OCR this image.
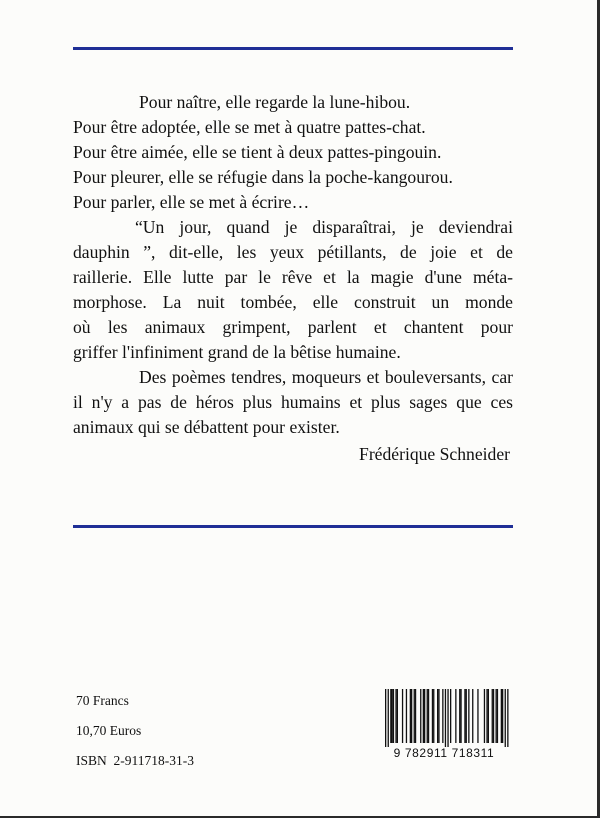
Pour naître, elle regarde la lune-hibou.
Pour être adoptée, elle se met à quatre pattes-chat.
Pour être aimée, elle se tient à deux pattes-pingouin.
Pour pleurer, elle se réfugie dans la poche-kangourou.
Pour parler, elle se met à écrire…

“Un jour, quand je disparaîtrai, je deviendrai
dauphin ”, dit-elle, les yeux pétillants, de joie et de
raillerie. Elle lutte par le rêve et la magie d'une méta-
morphose. La nuit tombée, elle construit un monde
où les animaux grimpent, parlent et chantent pour
griffer l'infiniment grand de la bêtise humaine.

Des poèmes tendres, moqueurs et bouleversants, car il n'y a pas de héros plus humains et plus sages que ces animaux qui se débattent pour exister.

Frédérique Schneider
70 Francs
10,70 Euros
ISBN  2-911718-31-3	9 782911 718311
